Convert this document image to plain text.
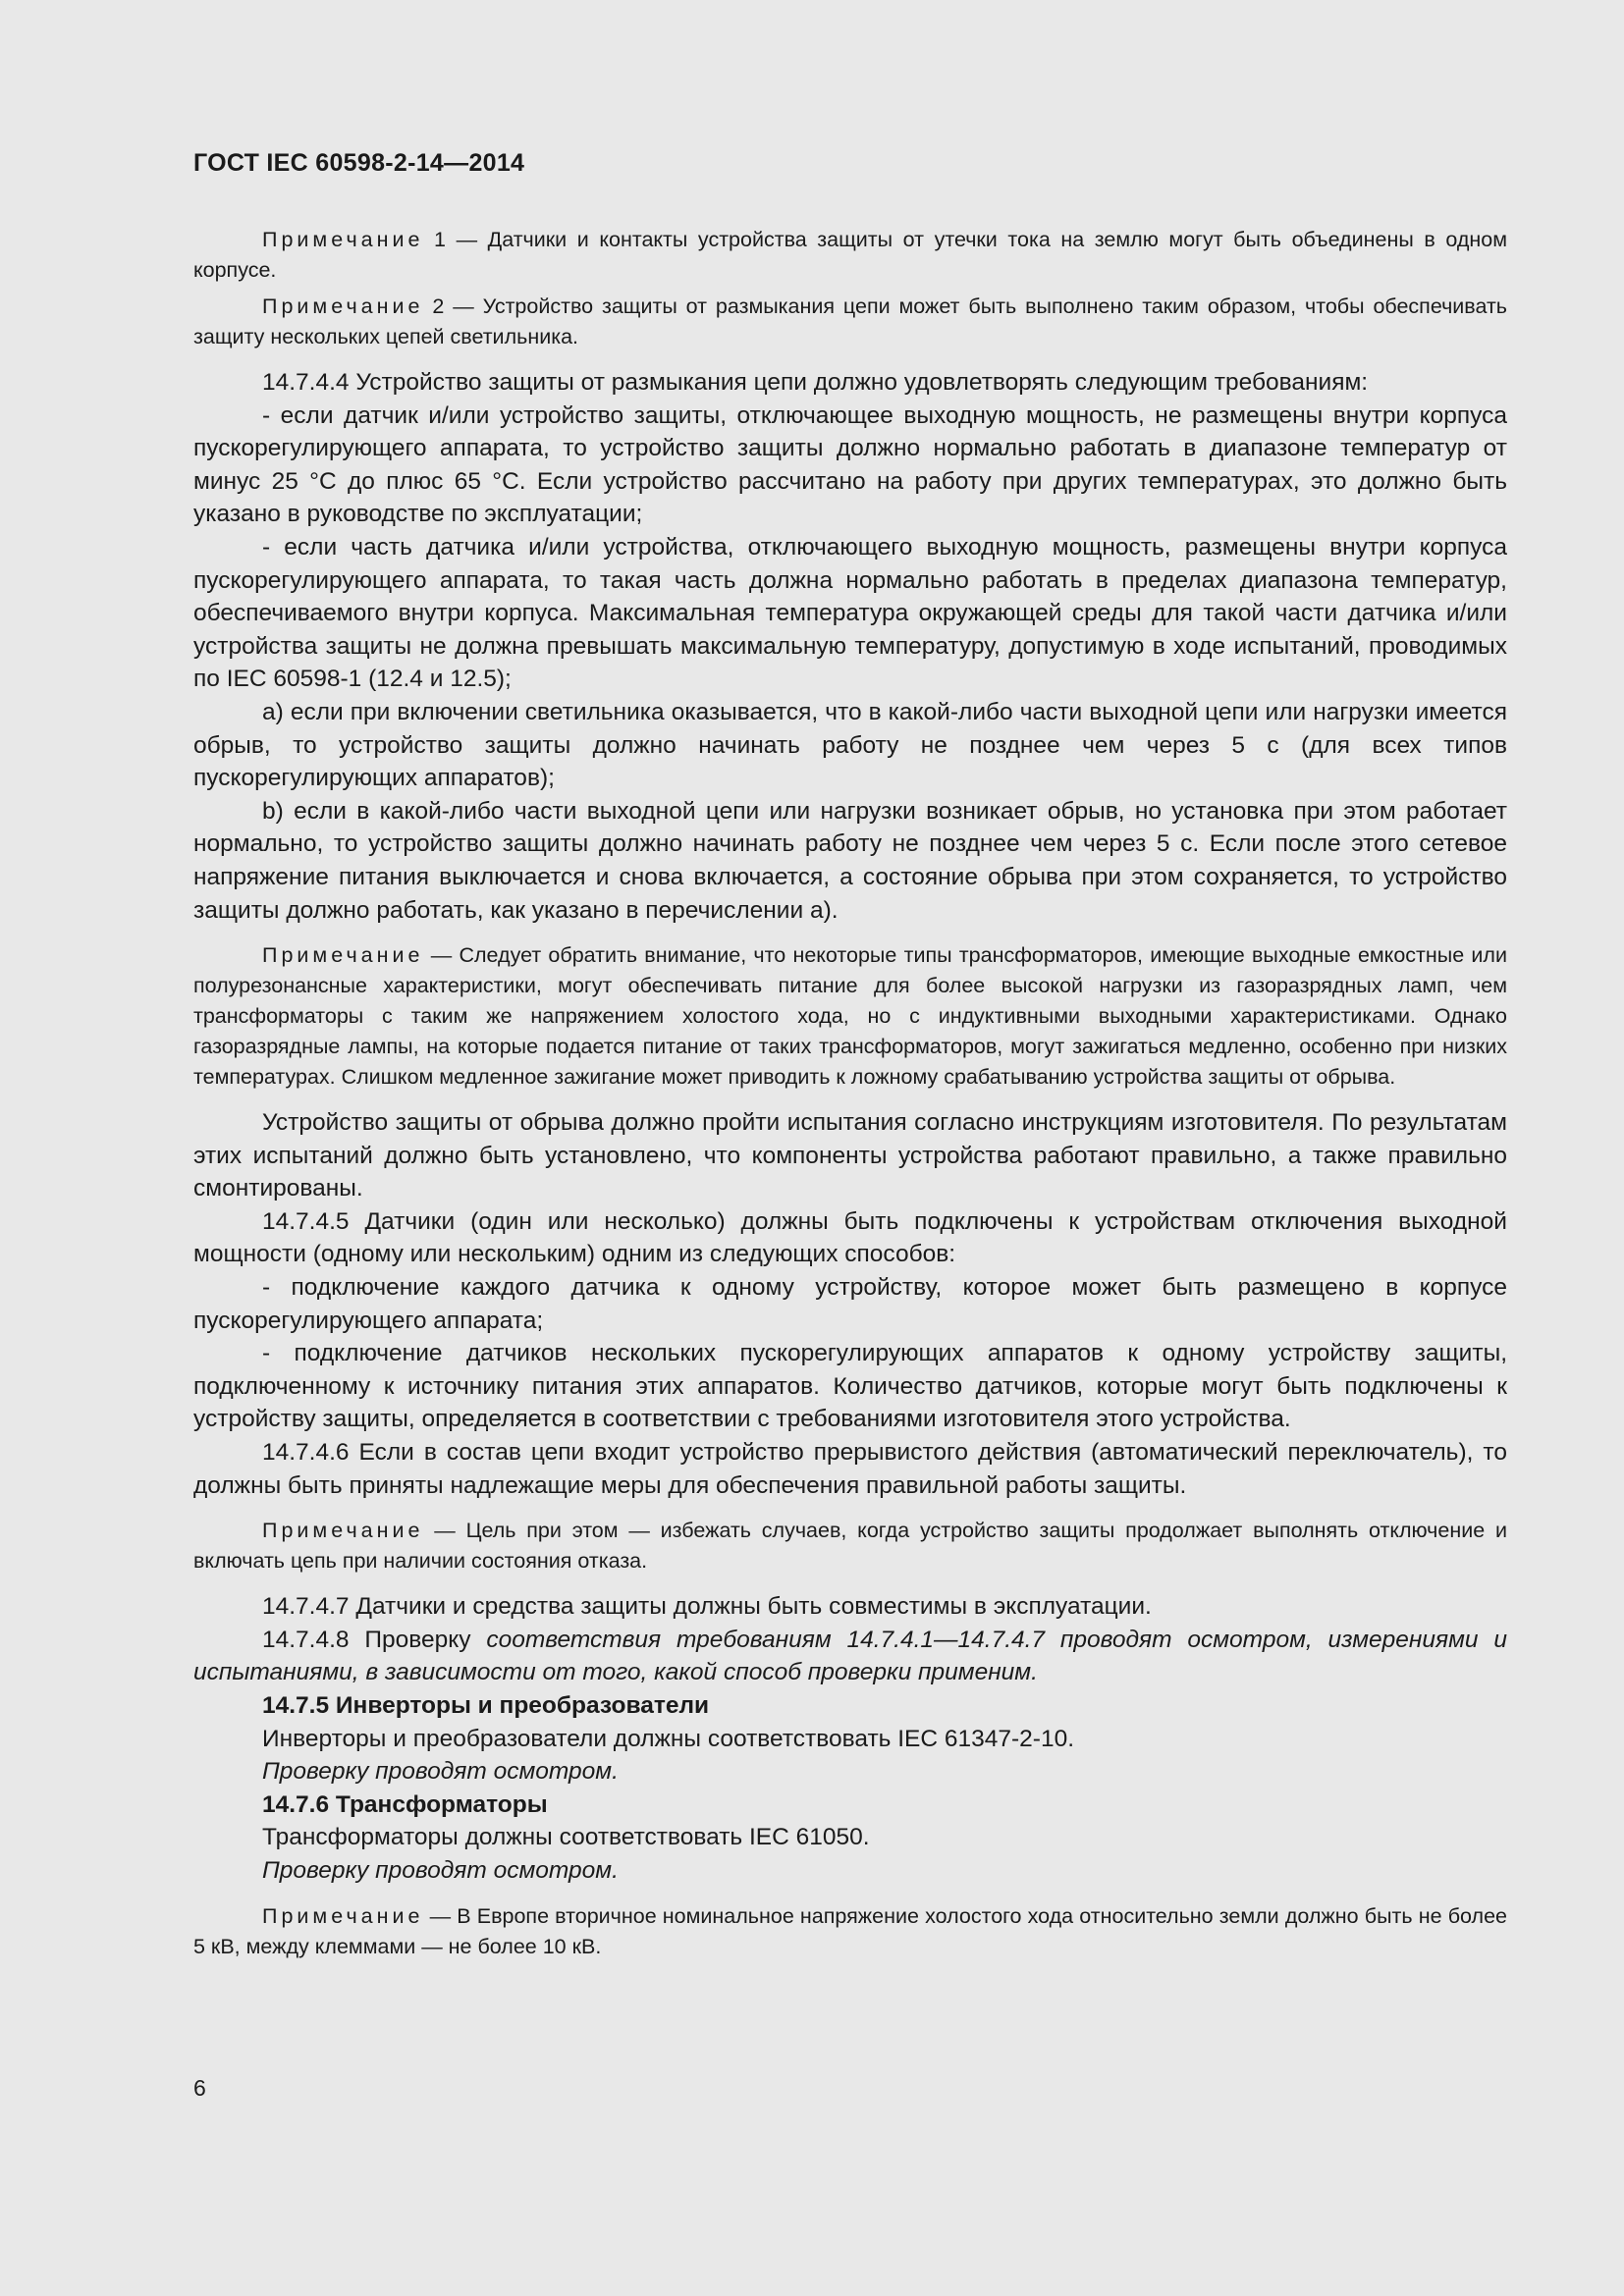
ГОСТ IEC 60598-2-14—2014

Примечание 1 — Датчики и контакты устройства защиты от утечки тока на землю могут быть объединены в одном корпусе.

Примечание 2 — Устройство защиты от размыкания цепи может быть выполнено таким образом, чтобы обеспечивать защиту нескольких цепей светильника.

14.7.4.4 Устройство защиты от размыкания цепи должно удовлетворять следующим требованиям:

- если датчик и/или устройство защиты, отключающее выходную мощность, не размещены внутри корпуса пускорегулирующего аппарата, то устройство защиты должно нормально работать в диапазоне температур от минус 25 °С до плюс 65 °С. Если устройство рассчитано на работу при других температурах, это должно быть указано в руководстве по эксплуатации;

- если часть датчика и/или устройства, отключающего выходную мощность, размещены внутри корпуса пускорегулирующего аппарата, то такая часть должна нормально работать в пределах диапазона температур, обеспечиваемого внутри корпуса. Максимальная температура окружающей среды для такой части датчика и/или устройства защиты не должна превышать максимальную температуру, допустимую в ходе испытаний, проводимых по IEC 60598-1 (12.4 и 12.5);

a) если при включении светильника оказывается, что в какой-либо части выходной цепи или нагрузки имеется обрыв, то устройство защиты должно начинать работу не позднее чем через 5 с (для всех типов пускорегулирующих аппаратов);

b) если в какой-либо части выходной цепи или нагрузки возникает обрыв, но установка при этом работает нормально, то устройство защиты должно начинать работу не позднее чем через 5 с. Если после этого сетевое напряжение питания выключается и снова включается, а состояние обрыва при этом сохраняется, то устройство защиты должно работать, как указано в перечислении а).

Примечание — Следует обратить внимание, что некоторые типы трансформаторов, имеющие выходные емкостные или полурезонансные характеристики, могут обеспечивать питание для более высокой нагрузки из газоразрядных ламп, чем трансформаторы с таким же напряжением холостого хода, но с индуктивными выходными характеристиками. Однако газоразрядные лампы, на которые подается питание от таких трансформаторов, могут зажигаться медленно, особенно при низких температурах. Слишком медленное зажигание может приводить к ложному срабатыванию устройства защиты от обрыва.

Устройство защиты от обрыва должно пройти испытания согласно инструкциям изготовителя. По результатам этих испытаний должно быть установлено, что компоненты устройства работают правильно, а также правильно смонтированы.

14.7.4.5 Датчики (один или несколько) должны быть подключены к устройствам отключения выходной мощности (одному или нескольким) одним из следующих способов:

- подключение каждого датчика к одному устройству, которое может быть размещено в корпусе пускорегулирующего аппарата;

- подключение датчиков нескольких пускорегулирующих аппаратов к одному устройству защиты, подключенному к источнику питания этих аппаратов. Количество датчиков, которые могут быть подключены к устройству защиты, определяется в соответствии с требованиями изготовителя этого устройства.

14.7.4.6 Если в состав цепи входит устройство прерывистого действия (автоматический переключатель), то должны быть приняты надлежащие меры для обеспечения правильной работы защиты.

Примечание — Цель при этом — избежать случаев, когда устройство защиты продолжает выполнять отключение и включать цепь при наличии состояния отказа.

14.7.4.7 Датчики и средства защиты должны быть совместимы в эксплуатации.

14.7.4.8 Проверку соответствия требованиям 14.7.4.1—14.7.4.7 проводят осмотром, измерениями и испытаниями, в зависимости от того, какой способ проверки применим.

14.7.5 Инверторы и преобразователи

Инверторы и преобразователи должны соответствовать IEC 61347-2-10.

Проверку проводят осмотром.

14.7.6 Трансформаторы

Трансформаторы должны соответствовать IEC 61050.

Проверку проводят осмотром.

Примечание — В Европе вторичное номинальное напряжение холостого хода относительно земли должно быть не более 5 кВ, между клеммами — не более 10 кВ.

6
